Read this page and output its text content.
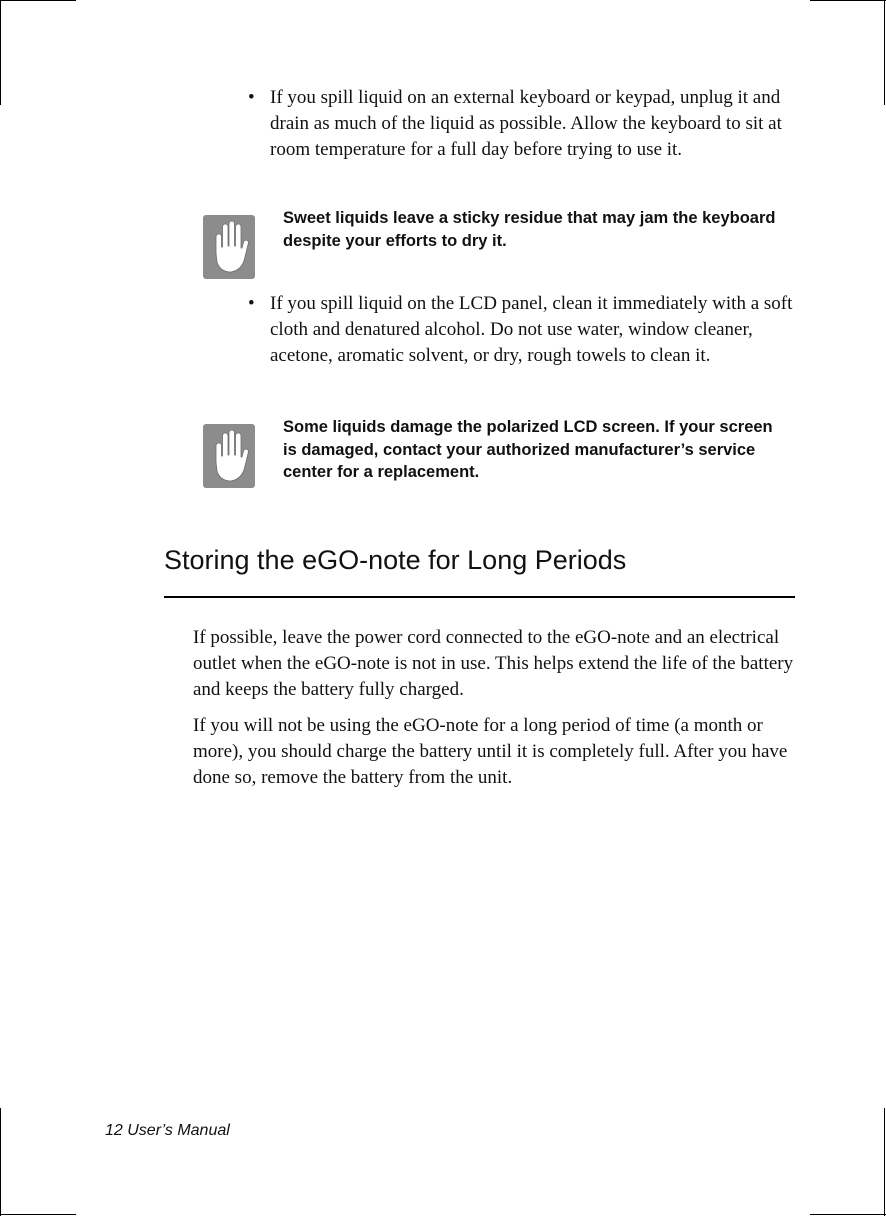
• If you spill liquid on an external keyboard or keypad, unplug it and drain as much of the liquid as possible. Allow the keyboard to sit at room temperature for a full day before trying to use it.
Sweet liquids leave a sticky residue that may jam the keyboard despite your efforts to dry it.
• If you spill liquid on the LCD panel, clean it immediately with a soft cloth and denatured alcohol. Do not use water, window cleaner, acetone, aromatic solvent, or dry, rough towels to clean it.
Some liquids damage the polarized LCD screen. If your screen is damaged, contact your authorized manufacturer’s service center for a replacement.
Storing the eGO-note for Long Periods

If possible, leave the power cord connected to the eGO-note and an electrical outlet when the eGO-note is not in use. This helps extend the life of the battery and keeps the battery fully charged.

If you will not be using the eGO-note for a long period of time (a month or more), you should charge the battery until it is completely full. After you have done so, remove the battery from the unit.

12 User’s Manual
